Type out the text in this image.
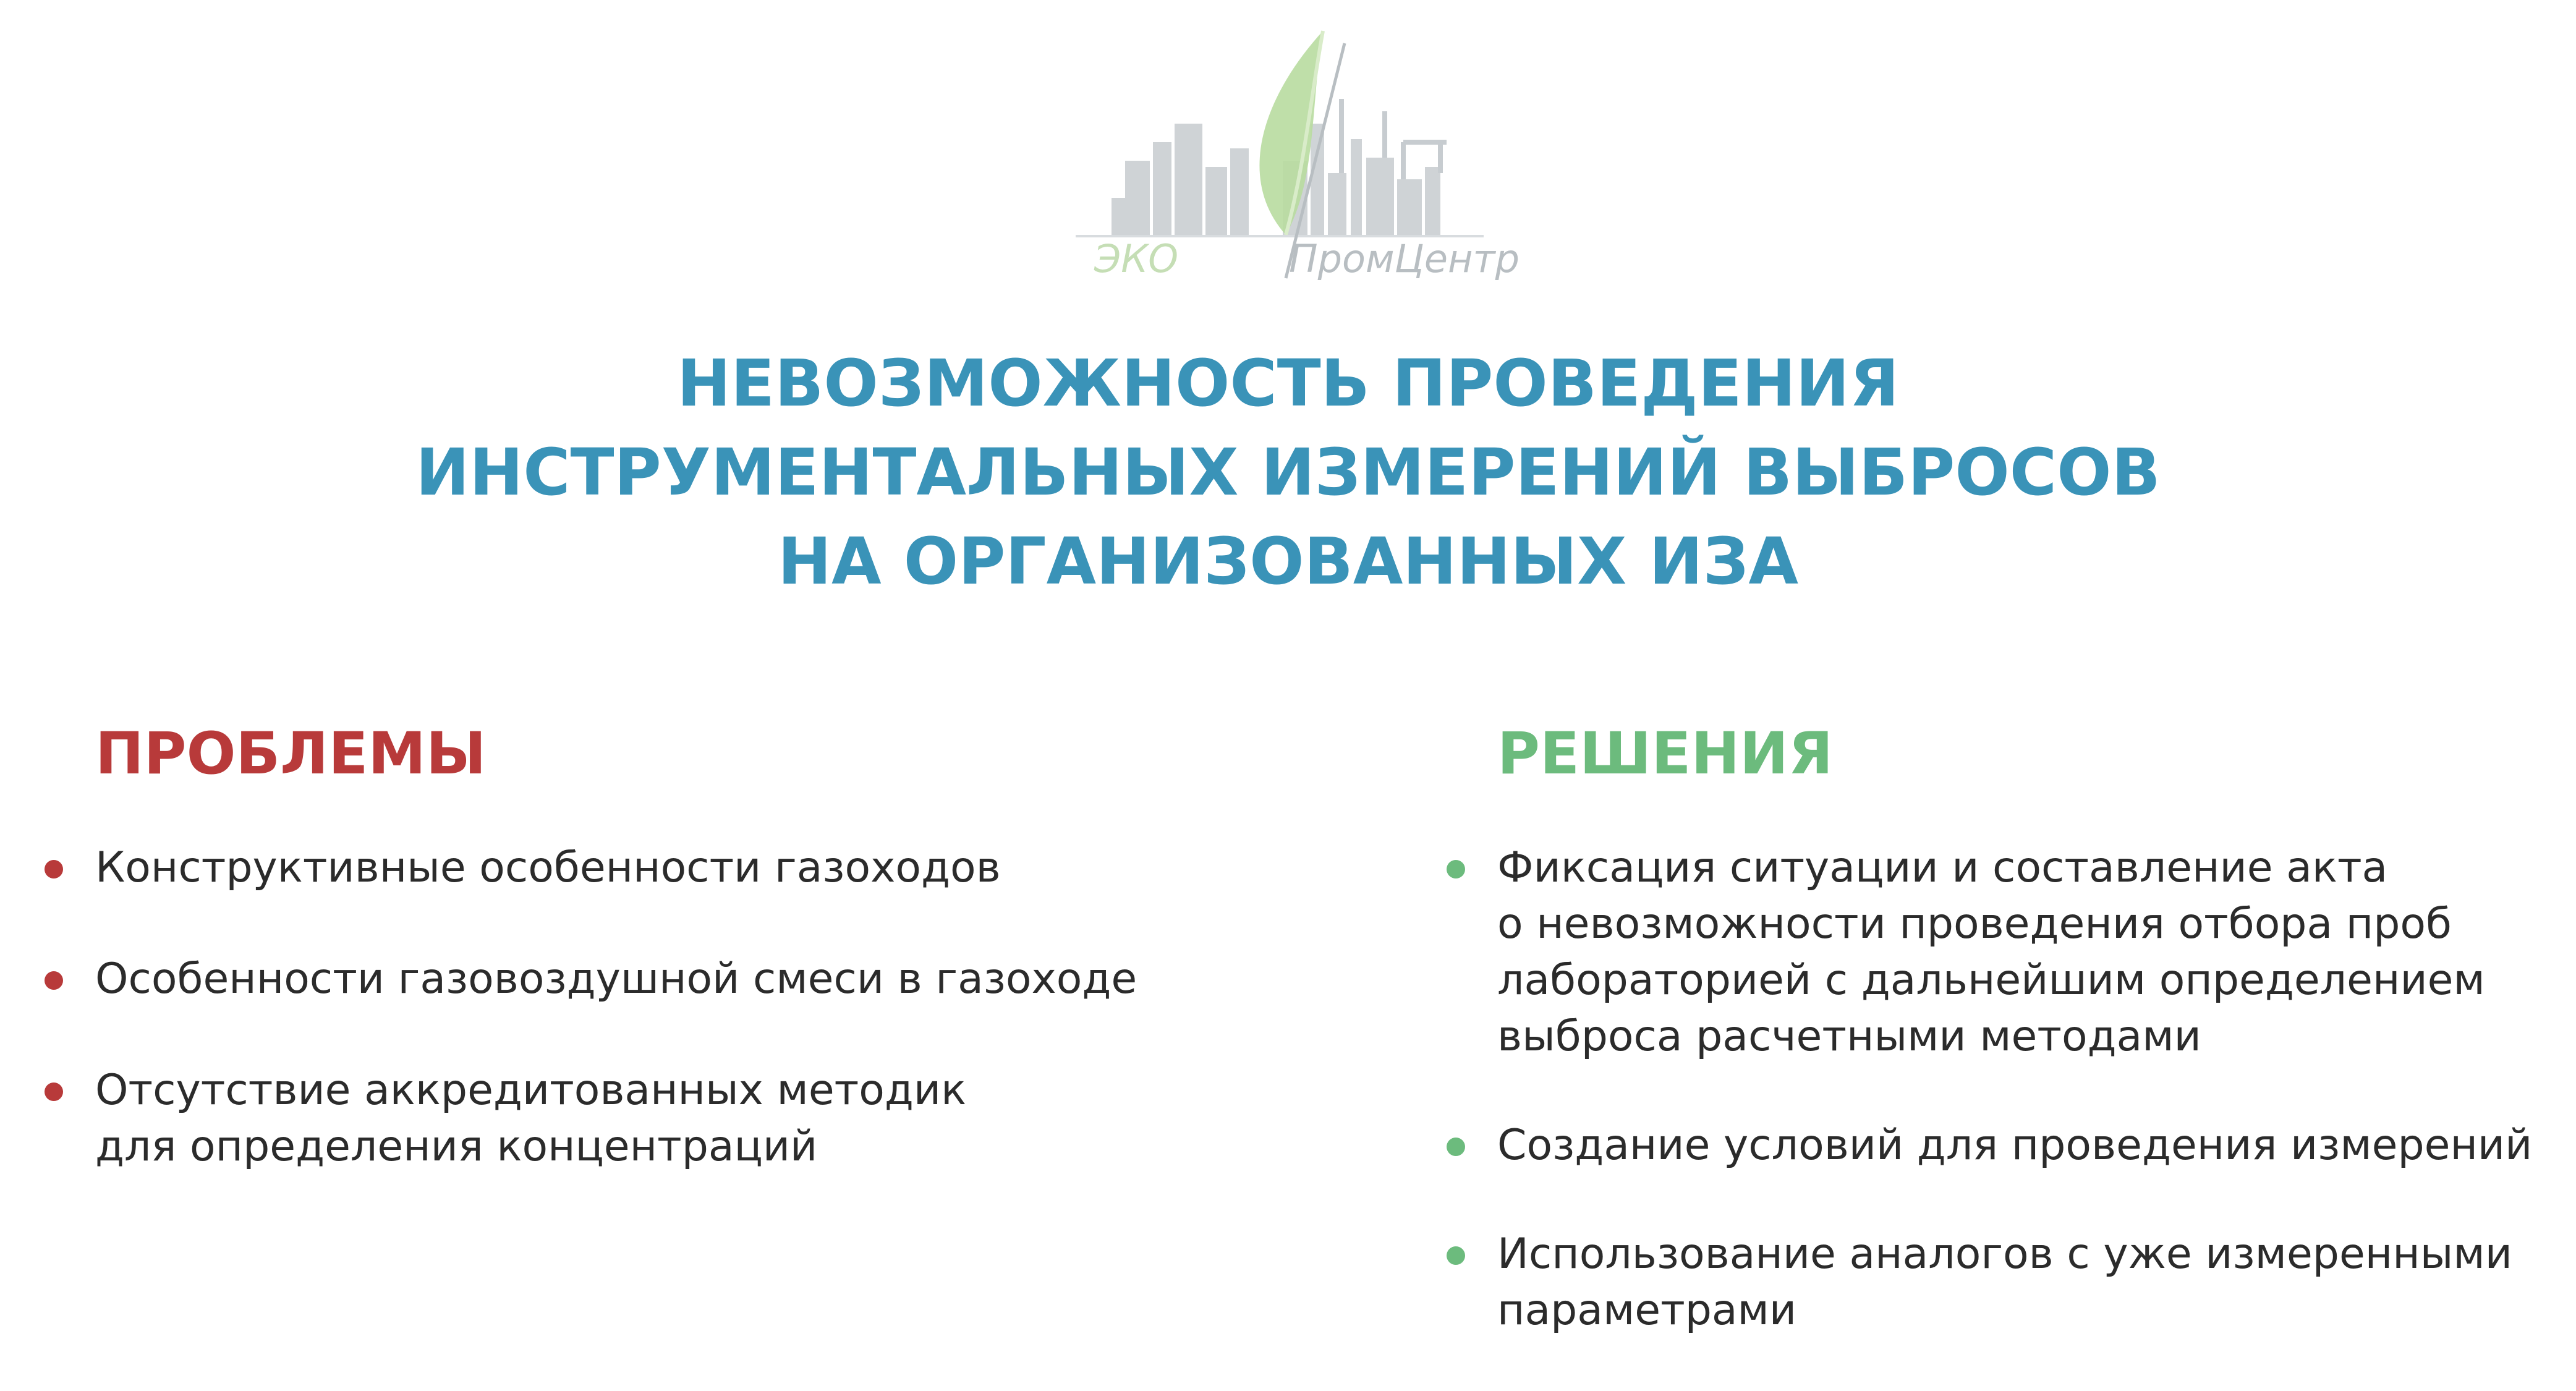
ЭКО	ПромЦентр
НЕВОЗМОЖНОСТЬ ПРОВЕДЕНИЯ
ИНСТРУМЕНТАЛЬНЫХ ИЗМЕРЕНИЙ ВЫБРОСОВ
НА ОРГАНИЗОВАННЫХ ИЗА
ПРОБЛЕМЫ
Конструктивные особенности газоходов
Особенности газовоздушной смеси в газоходе
Отсутствие аккредитованных методик
для определения концентраций
РЕШЕНИЯ
Фиксация ситуации и составление акта
о невозможности проведения отбора проб
лабораторией с дальнейшим определением
выброса расчетными методами
Создание условий для проведения измерений
Использование аналогов с уже измеренными
параметрами
